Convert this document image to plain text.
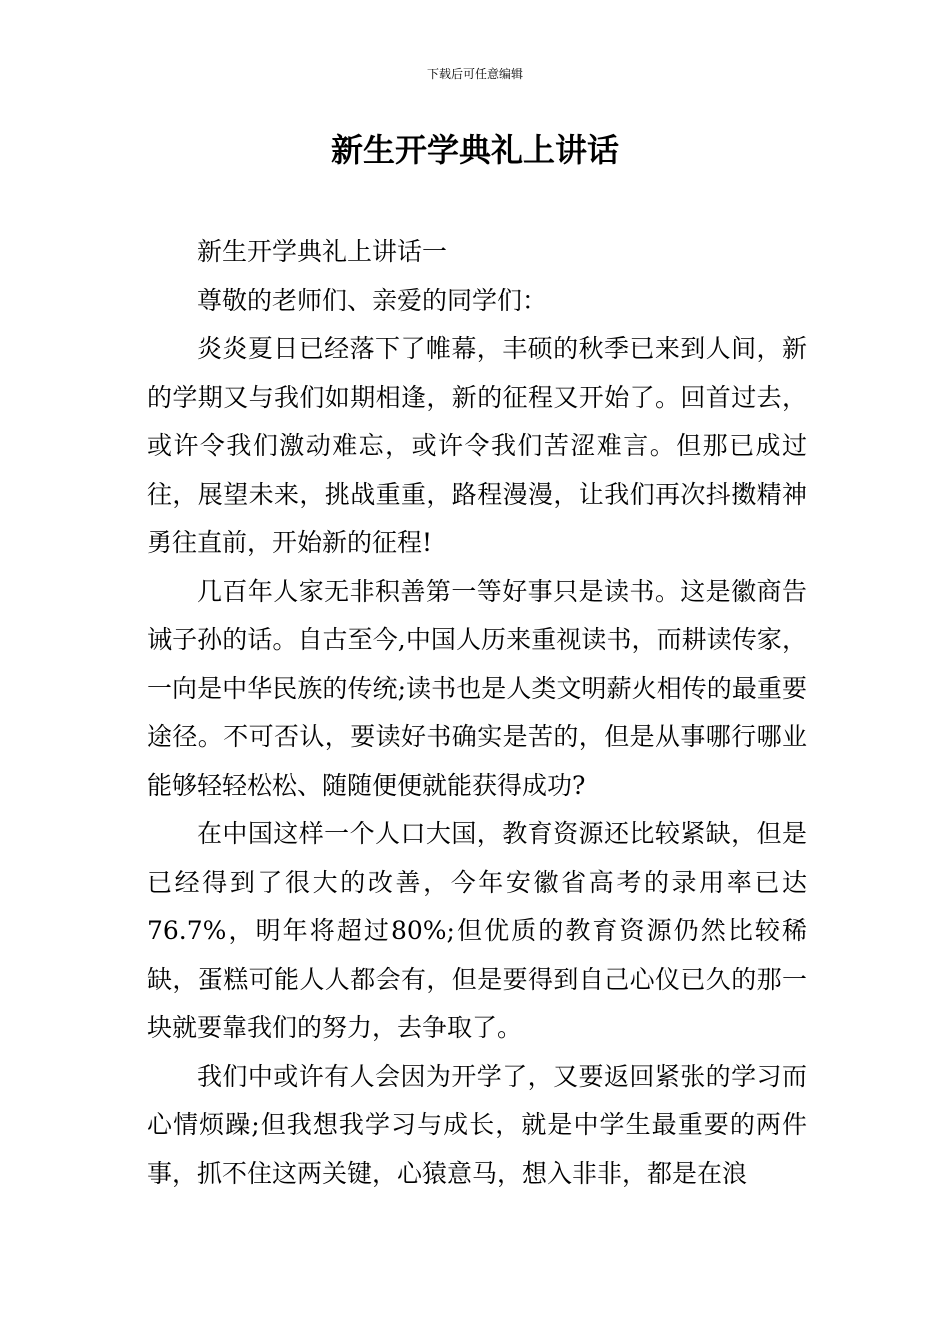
下载后可任意编辑
新生开学典礼上讲话

新生开学典礼上讲话一

尊敬的老师们、亲爱的同学们：

炎炎夏日已经落下了帷幕，丰硕的秋季已来到人间，新的学期又与我们如期相逢，新的征程又开始了。回首过去，或许令我们激动难忘，或许令我们苦涩难言。但那已成过往，展望未来，挑战重重，路程漫漫，让我们再次抖擞精神勇往直前，开始新的征程!

几百年人家无非积善第一等好事只是读书。这是徽商告诫子孙的话。自古至今,中国人历来重视读书，而耕读传家，一向是中华民族的传统;读书也是人类文明薪火相传的最重要途径。不可否认，要读好书确实是苦的，但是从事哪行哪业能够轻轻松松、随随便便就能获得成功?

在中国这样一个人口大国，教育资源还比较紧缺，但是已经得到了很大的改善，今年安徽省高考的录用率已达76.7%，明年将超过80%;但优质的教育资源仍然比较稀缺，蛋糕可能人人都会有，但是要得到自己心仪已久的那一块就要靠我们的努力，去争取了。

我们中或许有人会因为开学了，又要返回紧张的学习而心情烦躁;但我想我学习与成长，就是中学生最重要的两件事，抓不住这两关键，心猿意马，想入非非，都是在浪
